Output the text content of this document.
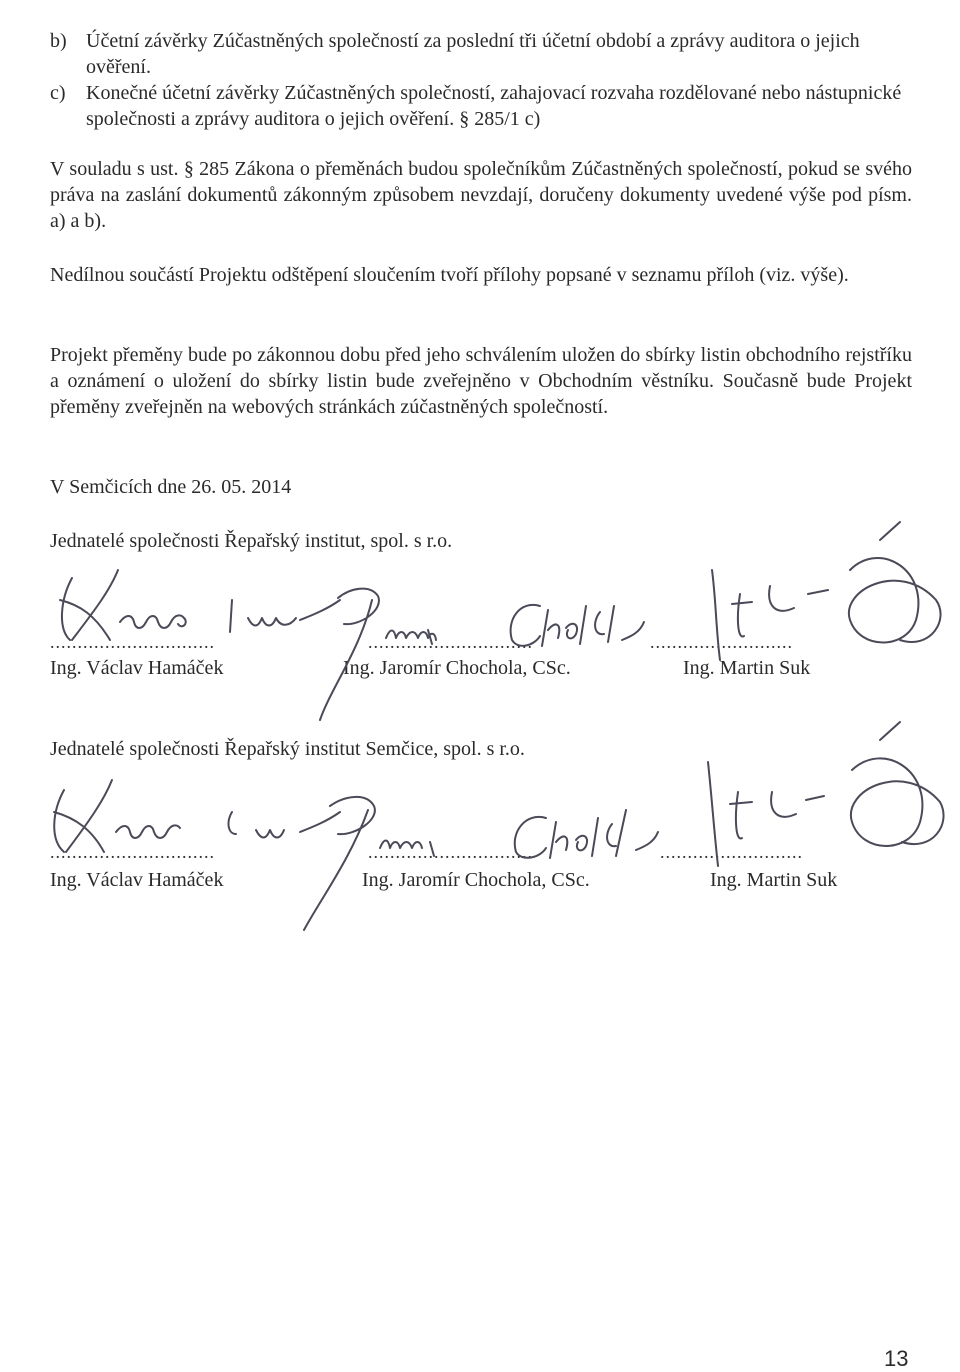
b) Účetní závěrky Zúčastněných společností za poslední tři účetní období a zprávy auditora o jejich ověření.
c) Konečné účetní závěrky Zúčastněných společností, zahajovací rozvaha rozdělované nebo nástupnické společnosti a zprávy auditora o jejich ověření. § 285/1 c)

V souladu s ust. § 285 Zákona o přeměnách budou společníkům Zúčastněných společností, pokud se svého práva na zaslání dokumentů zákonným způsobem nevzdají, doručeny dokumenty uvedené výše pod písm. a) a b).

Nedílnou součástí Projektu odštěpení sloučením tvoří přílohy popsané v seznamu příloh (viz. výše).

Projekt přeměny bude po zákonnou dobu před jeho schválením uložen do sbírky listin obchodního rejstříku a oznámení o uložení do sbírky listin bude zveřejněno v Obchodním věstníku. Současně bude Projekt přeměny zveřejněn na webových stránkách zúčastněných společností.

V Semčicích dne 26. 05. 2014
Jednatelé společnosti Řepařský institut, spol. s r.o.
..............................	..............................	..........................
Ing. Václav Hamáček	Ing. Jaromír Chochola, CSc.	Ing. Martin Suk
Jednatelé společnosti Řepařský institut Semčice, spol. s r.o.
..............................	..............................	..........................
Ing. Václav Hamáček	Ing. Jaromír Chochola, CSc.	Ing. Martin Suk
13
